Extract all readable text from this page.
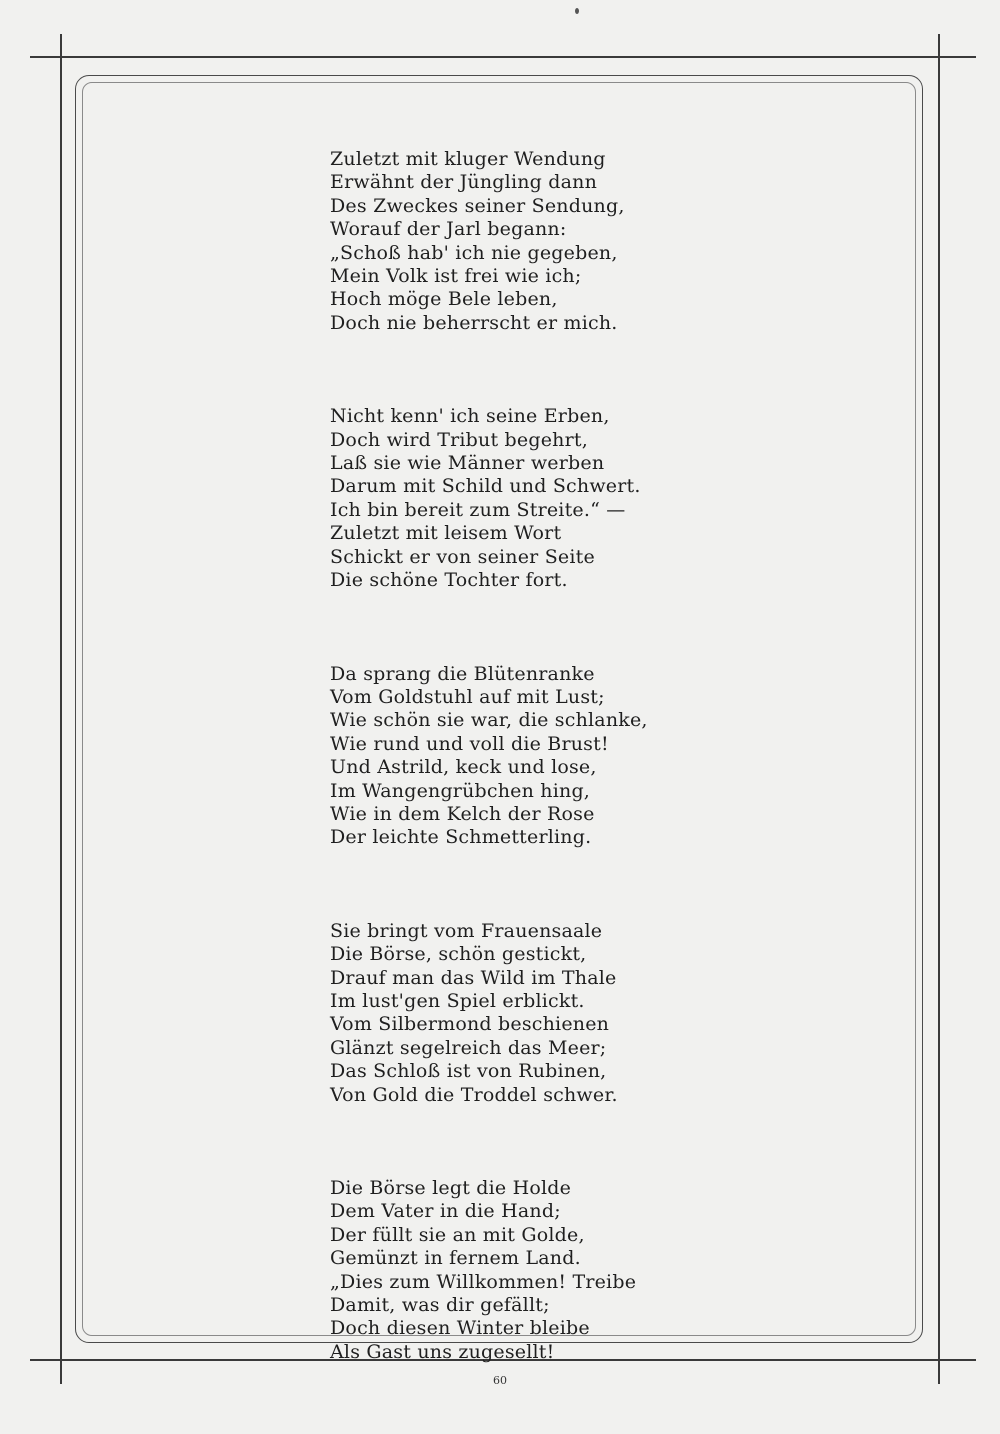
Zuletzt mit kluger Wendung
Erwähnt der Jüngling dann
Des Zweckes seiner Sendung,
Worauf der Jarl begann:
„Schoß hab' ich nie gegeben,
Mein Volk ist frei wie ich;
Hoch möge Bele leben,
Doch nie beherrscht er mich.
Nicht kenn' ich seine Erben,
Doch wird Tribut begehrt,
Laß sie wie Männer werben
Darum mit Schild und Schwert.
Ich bin bereit zum Streite.“ —
Zuletzt mit leisem Wort
Schickt er von seiner Seite
Die schöne Tochter fort.
Da sprang die Blütenranke
Vom Goldstuhl auf mit Lust;
Wie schön sie war, die schlanke,
Wie rund und voll die Brust!
Und Astrild, keck und lose,
Im Wangengrübchen hing,
Wie in dem Kelch der Rose
Der leichte Schmetterling.
Sie bringt vom Frauensaale
Die Börse, schön gestickt,
Drauf man das Wild im Thale
Im lust'gen Spiel erblickt.
Vom Silbermond beschienen
Glänzt segelreich das Meer;
Das Schloß ist von Rubinen,
Von Gold die Troddel schwer.
Die Börse legt die Holde
Dem Vater in die Hand;
Der füllt sie an mit Golde,
Gemünzt in fernem Land.
„Dies zum Willkommen! Treibe
Damit, was dir gefällt;
Doch diesen Winter bleibe
Als Gast uns zugesellt!
60
